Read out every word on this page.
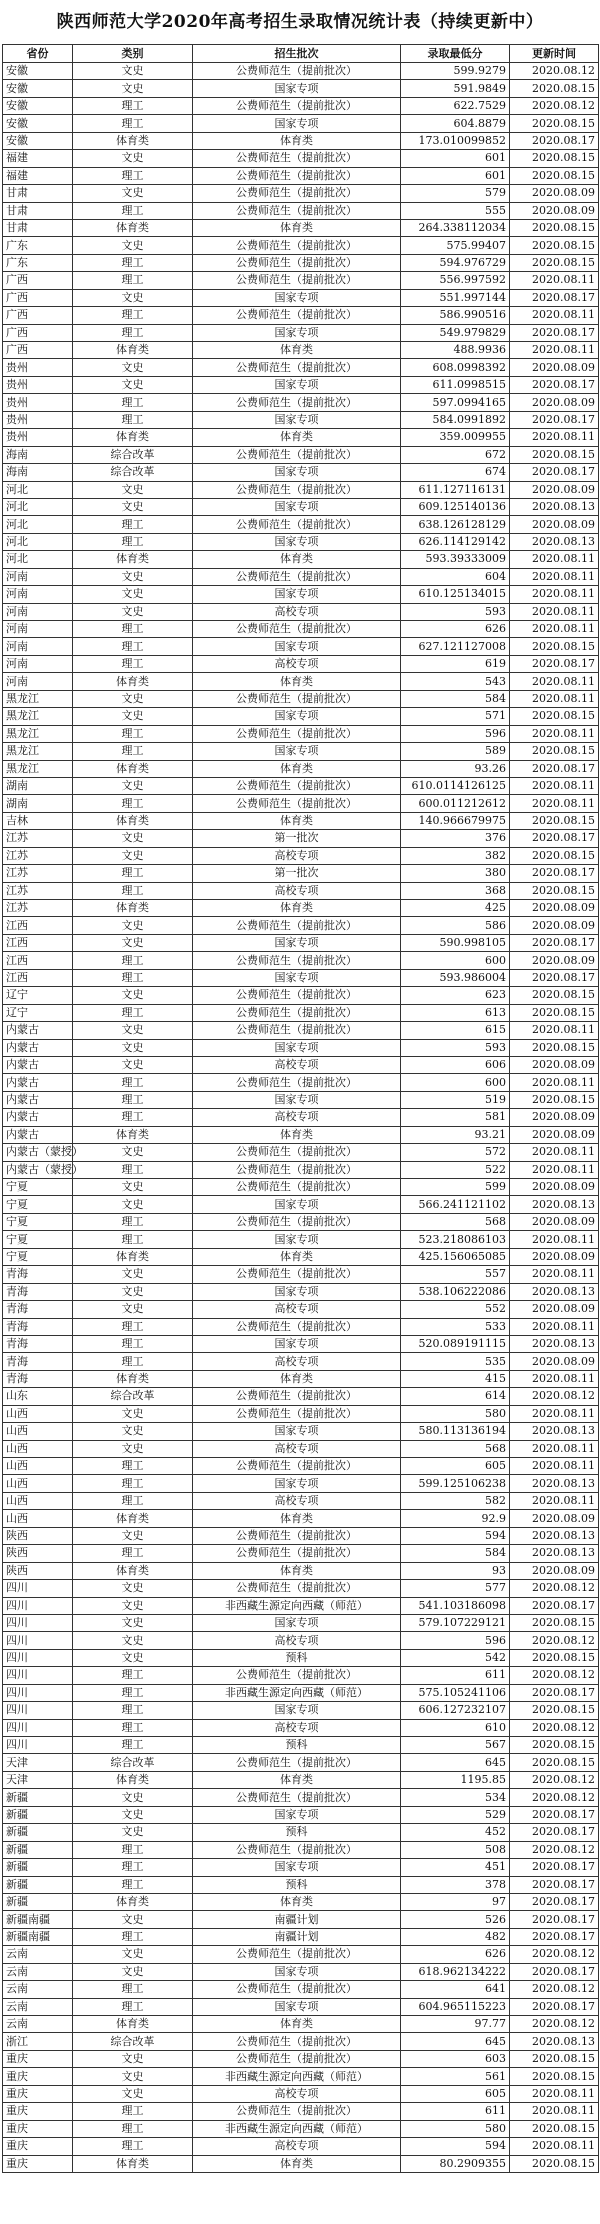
陕西师范大学2020年高考招生录取情况统计表（持续更新中）
省份	类别	招生批次	录取最低分	更新时间
安徽	文史	公费师范生（提前批次）	599.9279	2020.08.12
安徽	文史	国家专项	591.9849	2020.08.15
安徽	理工	公费师范生（提前批次）	622.7529	2020.08.12
安徽	理工	国家专项	604.8879	2020.08.15
安徽	体育类	体育类	173.010099852	2020.08.17
福建	文史	公费师范生（提前批次）	601	2020.08.15
福建	理工	公费师范生（提前批次）	601	2020.08.15
甘肃	文史	公费师范生（提前批次）	579	2020.08.09
甘肃	理工	公费师范生（提前批次）	555	2020.08.09
甘肃	体育类	体育类	264.338112034	2020.08.15
广东	文史	公费师范生（提前批次）	575.99407	2020.08.15
广东	理工	公费师范生（提前批次）	594.976729	2020.08.15
广西	理工	公费师范生（提前批次）	556.997592	2020.08.11
广西	文史	国家专项	551.997144	2020.08.17
广西	理工	公费师范生（提前批次）	586.990516	2020.08.11
广西	理工	国家专项	549.979829	2020.08.17
广西	体育类	体育类	488.9936	2020.08.11
贵州	文史	公费师范生（提前批次）	608.0998392	2020.08.09
贵州	文史	国家专项	611.0998515	2020.08.17
贵州	理工	公费师范生（提前批次）	597.0994165	2020.08.09
贵州	理工	国家专项	584.0991892	2020.08.17
贵州	体育类	体育类	359.009955	2020.08.11
海南	综合改革	公费师范生（提前批次）	672	2020.08.15
海南	综合改革	国家专项	674	2020.08.17
河北	文史	公费师范生（提前批次）	611.127116131	2020.08.09
河北	文史	国家专项	609.125140136	2020.08.13
河北	理工	公费师范生（提前批次）	638.126128129	2020.08.09
河北	理工	国家专项	626.114129142	2020.08.13
河北	体育类	体育类	593.39333009	2020.08.11
河南	文史	公费师范生（提前批次）	604	2020.08.11
河南	文史	国家专项	610.125134015	2020.08.11
河南	文史	高校专项	593	2020.08.11
河南	理工	公费师范生（提前批次）	626	2020.08.11
河南	理工	国家专项	627.121127008	2020.08.15
河南	理工	高校专项	619	2020.08.17
河南	体育类	体育类	543	2020.08.11
黑龙江	文史	公费师范生（提前批次）	584	2020.08.11
黑龙江	文史	国家专项	571	2020.08.15
黑龙江	理工	公费师范生（提前批次）	596	2020.08.11
黑龙江	理工	国家专项	589	2020.08.15
黑龙江	体育类	体育类	93.26	2020.08.17
湖南	文史	公费师范生（提前批次）	610.0114126125	2020.08.11
湖南	理工	公费师范生（提前批次）	600.011212612	2020.08.11
吉林	体育类	体育类	140.966679975	2020.08.15
江苏	文史	第一批次	376	2020.08.17
江苏	文史	高校专项	382	2020.08.15
江苏	理工	第一批次	380	2020.08.17
江苏	理工	高校专项	368	2020.08.15
江苏	体育类	体育类	425	2020.08.09
江西	文史	公费师范生（提前批次）	586	2020.08.09
江西	文史	国家专项	590.998105	2020.08.17
江西	理工	公费师范生（提前批次）	600	2020.08.09
江西	理工	国家专项	593.986004	2020.08.17
辽宁	文史	公费师范生（提前批次）	623	2020.08.15
辽宁	理工	公费师范生（提前批次）	613	2020.08.15
内蒙古	文史	公费师范生（提前批次）	615	2020.08.11
内蒙古	文史	国家专项	593	2020.08.15
内蒙古	文史	高校专项	606	2020.08.09
内蒙古	理工	公费师范生（提前批次）	600	2020.08.11
内蒙古	理工	国家专项	519	2020.08.15
内蒙古	理工	高校专项	581	2020.08.09
内蒙古	体育类	体育类	93.21	2020.08.09
内蒙古（蒙授）	文史	公费师范生（提前批次）	572	2020.08.11
内蒙古（蒙授）	理工	公费师范生（提前批次）	522	2020.08.11
宁夏	文史	公费师范生（提前批次）	599	2020.08.09
宁夏	文史	国家专项	566.241121102	2020.08.13
宁夏	理工	公费师范生（提前批次）	568	2020.08.09
宁夏	理工	国家专项	523.218086103	2020.08.11
宁夏	体育类	体育类	425.156065085	2020.08.09
青海	文史	公费师范生（提前批次）	557	2020.08.11
青海	文史	国家专项	538.106222086	2020.08.13
青海	文史	高校专项	552	2020.08.09
青海	理工	公费师范生（提前批次）	533	2020.08.11
青海	理工	国家专项	520.089191115	2020.08.13
青海	理工	高校专项	535	2020.08.09
青海	体育类	体育类	415	2020.08.11
山东	综合改革	公费师范生（提前批次）	614	2020.08.12
山西	文史	公费师范生（提前批次）	580	2020.08.11
山西	文史	国家专项	580.113136194	2020.08.13
山西	文史	高校专项	568	2020.08.11
山西	理工	公费师范生（提前批次）	605	2020.08.11
山西	理工	国家专项	599.125106238	2020.08.13
山西	理工	高校专项	582	2020.08.11
山西	体育类	体育类	92.9	2020.08.09
陕西	文史	公费师范生（提前批次）	594	2020.08.13
陕西	理工	公费师范生（提前批次）	584	2020.08.13
陕西	体育类	体育类	93	2020.08.09
四川	文史	公费师范生（提前批次）	577	2020.08.12
四川	文史	非西藏生源定向西藏（师范）	541.103186098	2020.08.17
四川	文史	国家专项	579.107229121	2020.08.15
四川	文史	高校专项	596	2020.08.12
四川	文史	预科	542	2020.08.15
四川	理工	公费师范生（提前批次）	611	2020.08.12
四川	理工	非西藏生源定向西藏（师范）	575.105241106	2020.08.17
四川	理工	国家专项	606.127232107	2020.08.15
四川	理工	高校专项	610	2020.08.12
四川	理工	预科	567	2020.08.15
天津	综合改革	公费师范生（提前批次）	645	2020.08.15
天津	体育类	体育类	1195.85	2020.08.12
新疆	文史	公费师范生（提前批次）	534	2020.08.12
新疆	文史	国家专项	529	2020.08.17
新疆	文史	预科	452	2020.08.17
新疆	理工	公费师范生（提前批次）	508	2020.08.12
新疆	理工	国家专项	451	2020.08.17
新疆	理工	预科	378	2020.08.17
新疆	体育类	体育类	97	2020.08.17
新疆南疆	文史	南疆计划	526	2020.08.17
新疆南疆	理工	南疆计划	482	2020.08.17
云南	文史	公费师范生（提前批次）	626	2020.08.12
云南	文史	国家专项	618.962134222	2020.08.17
云南	理工	公费师范生（提前批次）	641	2020.08.12
云南	理工	国家专项	604.965115223	2020.08.17
云南	体育类	体育类	97.77	2020.08.12
浙江	综合改革	公费师范生（提前批次）	645	2020.08.13
重庆	文史	公费师范生（提前批次）	603	2020.08.15
重庆	文史	非西藏生源定向西藏（师范）	561	2020.08.15
重庆	文史	高校专项	605	2020.08.11
重庆	理工	公费师范生（提前批次）	611	2020.08.11
重庆	理工	非西藏生源定向西藏（师范）	580	2020.08.15
重庆	理工	高校专项	594	2020.08.11
重庆	体育类	体育类	80.2909355	2020.08.15
